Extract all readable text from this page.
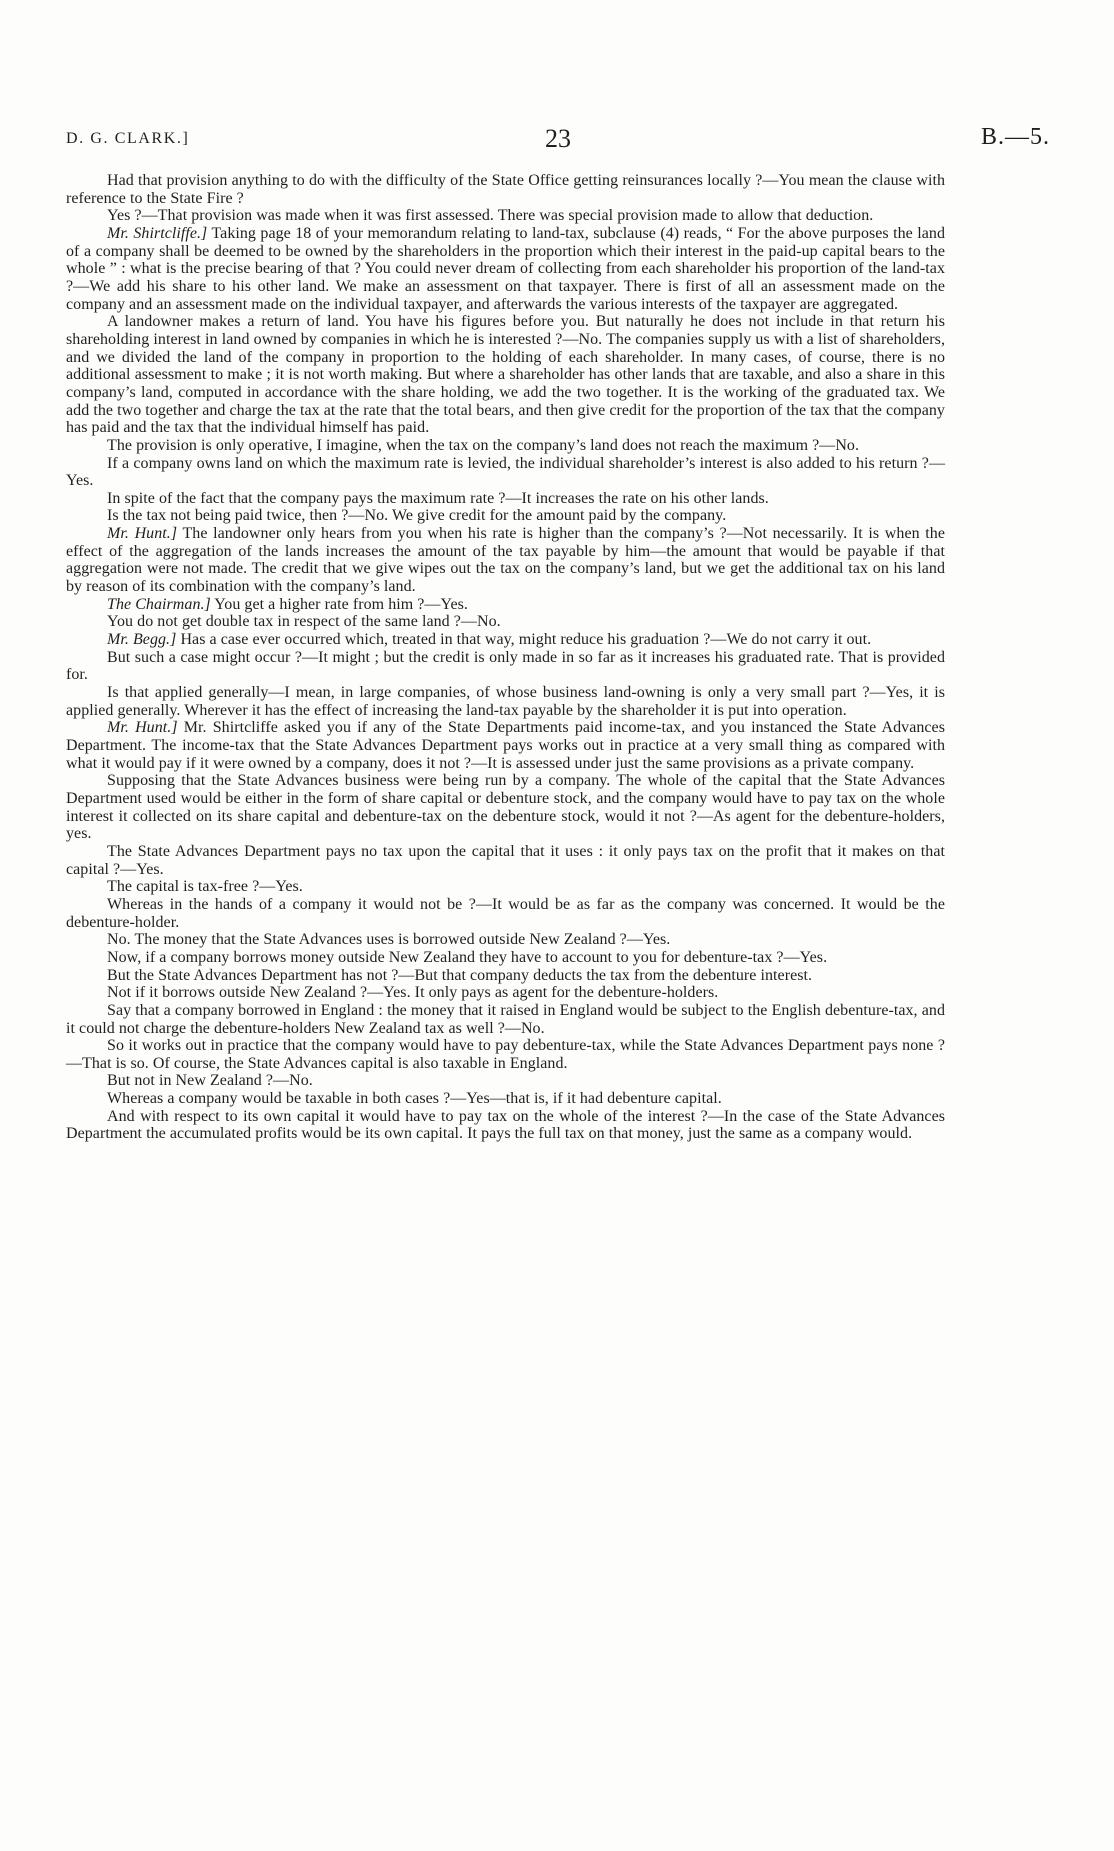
D. G. CLARK.]	23	B.—5.

Had that provision anything to do with the difficulty of the State Office getting reinsurances locally ?—You mean the clause with reference to the State Fire ?

Yes ?—That provision was made when it was first assessed. There was special provision made to allow that deduction.

Mr. Shirtcliffe.] Taking page 18 of your memorandum relating to land-tax, subclause (4) reads, “ For the above purposes the land of a company shall be deemed to be owned by the shareholders in the proportion which their interest in the paid-up capital bears to the whole ” : what is the precise bearing of that ? You could never dream of collecting from each shareholder his proportion of the land-tax ?—We add his share to his other land. We make an assessment on that taxpayer. There is first of all an assessment made on the company and an assessment made on the individual taxpayer, and afterwards the various interests of the taxpayer are aggregated.

A landowner makes a return of land. You have his figures before you. But naturally he does not include in that return his shareholding interest in land owned by companies in which he is interested ?—No. The companies supply us with a list of shareholders, and we divided the land of the company in proportion to the holding of each shareholder. In many cases, of course, there is no additional assessment to make ; it is not worth making. But where a shareholder has other lands that are taxable, and also a share in this company’s land, computed in accordance with the share holding, we add the two together. It is the working of the graduated tax. We add the two together and charge the tax at the rate that the total bears, and then give credit for the proportion of the tax that the company has paid and the tax that the individual himself has paid.

The provision is only operative, I imagine, when the tax on the company’s land does not reach the maximum ?—No.

If a company owns land on which the maximum rate is levied, the individual shareholder’s interest is also added to his return ?—Yes.

In spite of the fact that the company pays the maximum rate ?—It increases the rate on his other lands.

Is the tax not being paid twice, then ?—No. We give credit for the amount paid by the company.

Mr. Hunt.] The landowner only hears from you when his rate is higher than the company’s ?—Not necessarily. It is when the effect of the aggregation of the lands increases the amount of the tax payable by him—the amount that would be payable if that aggregation were not made. The credit that we give wipes out the tax on the company’s land, but we get the additional tax on his land by reason of its combination with the company’s land.

The Chairman.] You get a higher rate from him ?—Yes.

You do not get double tax in respect of the same land ?—No.

Mr. Begg.] Has a case ever occurred which, treated in that way, might reduce his graduation ?—We do not carry it out.

But such a case might occur ?—It might ; but the credit is only made in so far as it increases his graduated rate. That is provided for.

Is that applied generally—I mean, in large companies, of whose business land-owning is only a very small part ?—Yes, it is applied generally. Wherever it has the effect of increasing the land-tax payable by the shareholder it is put into operation.

Mr. Hunt.] Mr. Shirtcliffe asked you if any of the State Departments paid income-tax, and you instanced the State Advances Department. The income-tax that the State Advances Department pays works out in practice at a very small thing as compared with what it would pay if it were owned by a company, does it not ?—It is assessed under just the same provisions as a private company.

Supposing that the State Advances business were being run by a company. The whole of the capital that the State Advances Department used would be either in the form of share capital or debenture stock, and the company would have to pay tax on the whole interest it collected on its share capital and debenture-tax on the debenture stock, would it not ?—As agent for the debenture-holders, yes.

The State Advances Department pays no tax upon the capital that it uses : it only pays tax on the profit that it makes on that capital ?—Yes.

The capital is tax-free ?—Yes.

Whereas in the hands of a company it would not be ?—It would be as far as the company was concerned. It would be the debenture-holder.

No. The money that the State Advances uses is borrowed outside New Zealand ?—Yes.

Now, if a company borrows money outside New Zealand they have to account to you for debenture-tax ?—Yes.

But the State Advances Department has not ?—But that company deducts the tax from the debenture interest.

Not if it borrows outside New Zealand ?—Yes. It only pays as agent for the debenture-holders.

Say that a company borrowed in England : the money that it raised in England would be subject to the English debenture-tax, and it could not charge the debenture-holders New Zealand tax as well ?—No.

So it works out in practice that the company would have to pay debenture-tax, while the State Advances Department pays none ?—That is so. Of course, the State Advances capital is also taxable in England.

But not in New Zealand ?—No.

Whereas a company would be taxable in both cases ?—Yes—that is, if it had debenture capital.

And with respect to its own capital it would have to pay tax on the whole of the interest ?—In the case of the State Advances Department the accumulated profits would be its own capital. It pays the full tax on that money, just the same as a company would.
